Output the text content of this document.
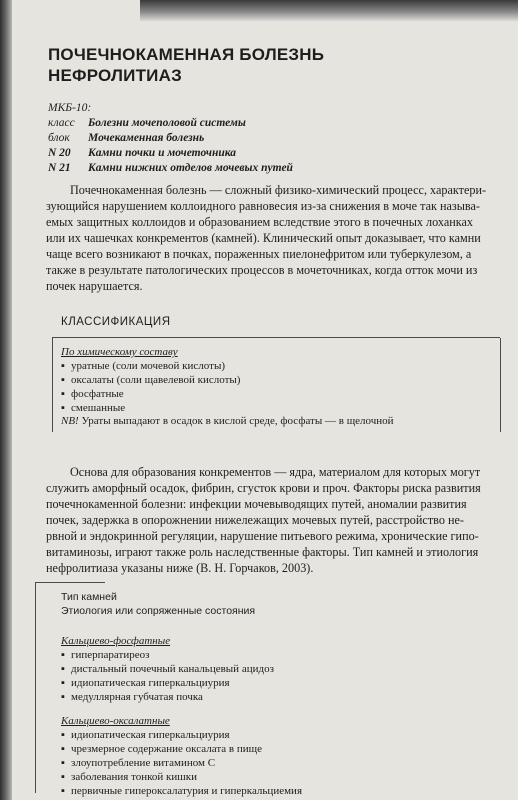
ПОЧЕЧНОКАМЕННАЯ БОЛЕЗНЬ
НЕФРОЛИТИАЗ
МКБ-10:
класс	Болезни мочеполовой системы
блок	Мочекаменная болезнь
N 20	Камни почки и мочеточника
N 21	Камни нижних отделов мочевых путей
Почечнокаменная болезнь — сложный физико-химический процесс, характери-
зующийся нарушением коллоидного равновесия из-за снижения в моче так называ-
емых защитных коллоидов и образованием вследствие этого в почечных лоханках
или их чашечках конкрементов (камней). Клинический опыт доказывает, что камни
чаще всего возникают в почках, пораженных пиелонефритом или туберкулезом, а
также в результате патологических процессов в мочеточниках, когда отток мочи из
почек нарушается.
КЛАССИФИКАЦИЯ
По химическому составу
▪ уратные (соли мочевой кислоты)
▪ оксалаты (соли щавелевой кислоты)
▪ фосфатные
▪ смешанные
NB! Ураты выпадают в осадок в кислой среде, фосфаты — в щелочной
Основа для образования конкрементов — ядра, материалом для которых могут
служить аморфный осадок, фибрин, сгусток крови и проч. Факторы риска развития
почечнокаменной болезни: инфекции мочевыводящих путей, аномалии развития
почек, задержка в опорожнении нижележащих мочевых путей, расстройство не-
рвной и эндокринной регуляции, нарушение питьевого режима, хронические гипо-
витаминозы, играют также роль наследственные факторы. Тип камней и этиология
нефролитиаза указаны ниже (В. Н. Горчаков, 2003).
Тип камней
Этиология или сопряженные состояния
Кальциево-фосфатные
▪ гиперпаратиреоз
▪ дистальный почечный канальцевый ацидоз
▪ идиопатическая гиперкальциурия
▪ медуллярная губчатая почка
Кальциево-оксалатные
▪ идиопатическая гиперкальциурия
▪ чрезмерное содержание оксалата в пище
▪ злоупотребление витамином С
▪ заболевания тонкой кишки
▪ первичные гипероксалатурия и гиперкальциемия
